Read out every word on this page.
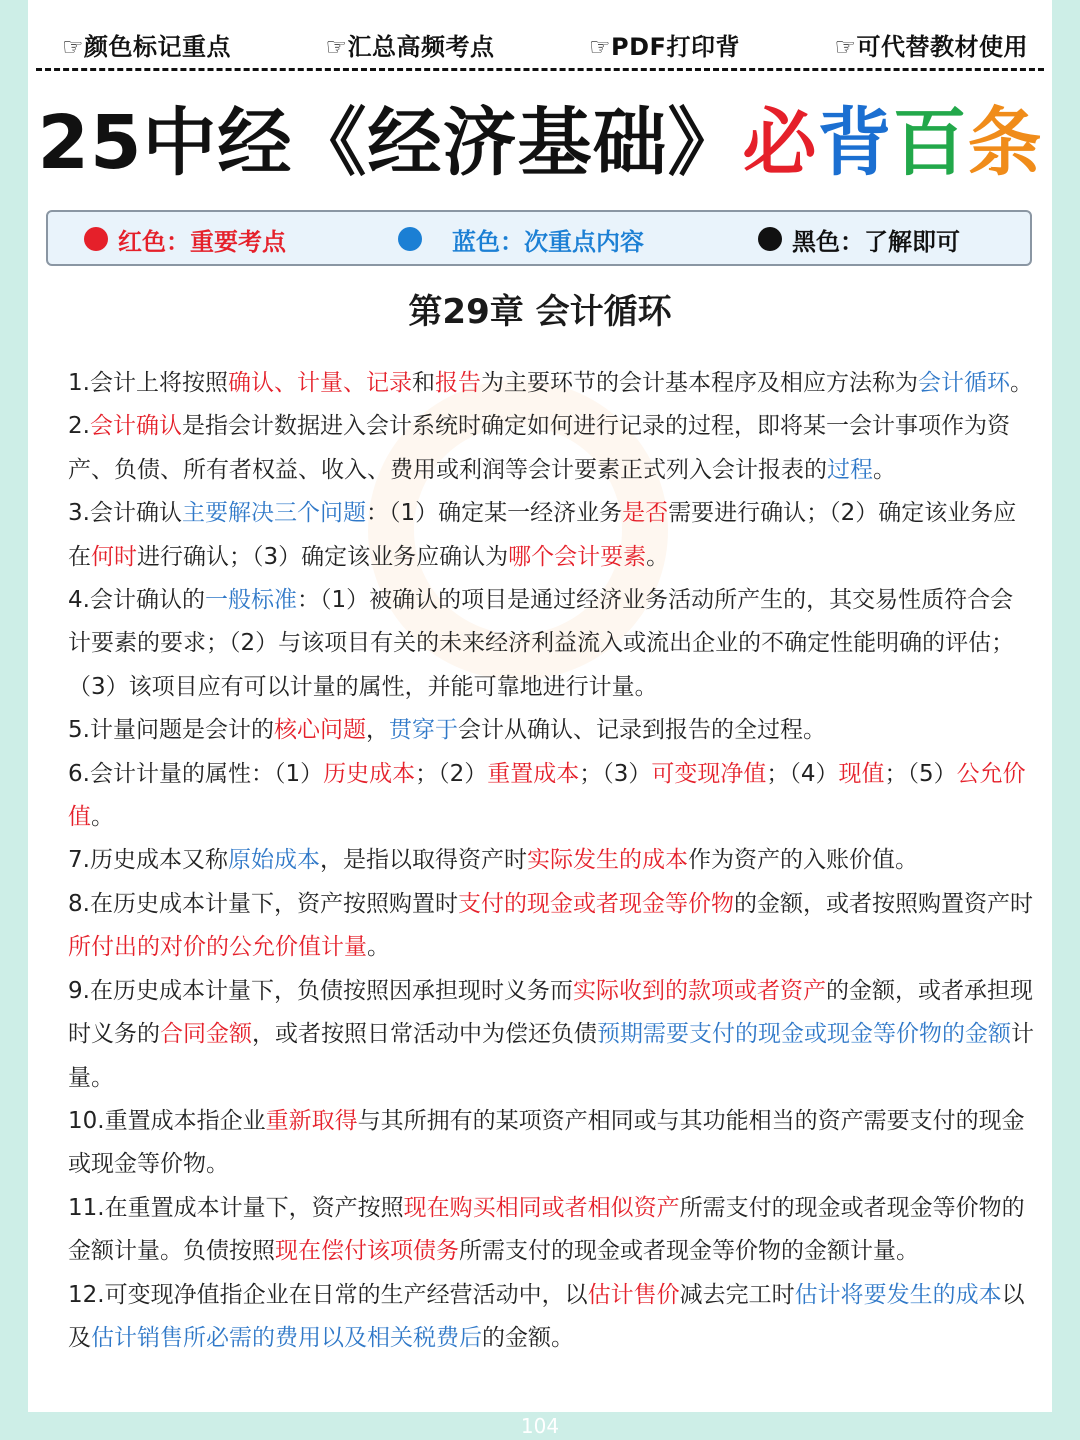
☞颜色标记重点	☞汇总高频考点	☞PDF打印背	☞可代替教材使用
25中经《经济基础》必背百条
红色：重要考点	蓝色：次重点内容	黑色：了解即可
第29章 会计循环

1.会计上将按照确认、计量、记录和报告为主要环节的会计基本程序及相应方法称为会计循环。

2.会计确认是指会计数据进入会计系统时确定如何进行记录的过程，即将某一会计事项作为资产、负债、所有者权益、收入、费用或利润等会计要素正式列入会计报表的过程。

3.会计确认主要解决三个问题：（1）确定某一经济业务是否需要进行确认；（2）确定该业务应在何时进行确认；（3）确定该业务应确认为哪个会计要素。

4.会计确认的一般标准：（1）被确认的项目是通过经济业务活动所产生的，其交易性质符合会计要素的要求；（2）与该项目有关的未来经济利益流入或流出企业的不确定性能明确的评估；（3）该项目应有可以计量的属性，并能可靠地进行计量。

5.计量问题是会计的核心问题，贯穿于会计从确认、记录到报告的全过程。

6.会计计量的属性：（1）历史成本；（2）重置成本；（3）可变现净值；（4）现值；（5）公允价值。

7.历史成本又称原始成本，是指以取得资产时实际发生的成本作为资产的入账价值。

8.在历史成本计量下，资产按照购置时支付的现金或者现金等价物的金额，或者按照购置资产时所付出的对价的公允价值计量。

9.在历史成本计量下，负债按照因承担现时义务而实际收到的款项或者资产的金额，或者承担现时义务的合同金额，或者按照日常活动中为偿还负债预期需要支付的现金或现金等价物的金额计量。

10.重置成本指企业重新取得与其所拥有的某项资产相同或与其功能相当的资产需要支付的现金或现金等价物。

11.在重置成本计量下，资产按照现在购买相同或者相似资产所需支付的现金或者现金等价物的金额计量。负债按照现在偿付该项债务所需支付的现金或者现金等价物的金额计量。

12.可变现净值指企业在日常的生产经营活动中，以估计售价减去完工时估计将要发生的成本以及估计销售所必需的费用以及相关税费后的金额。

104
